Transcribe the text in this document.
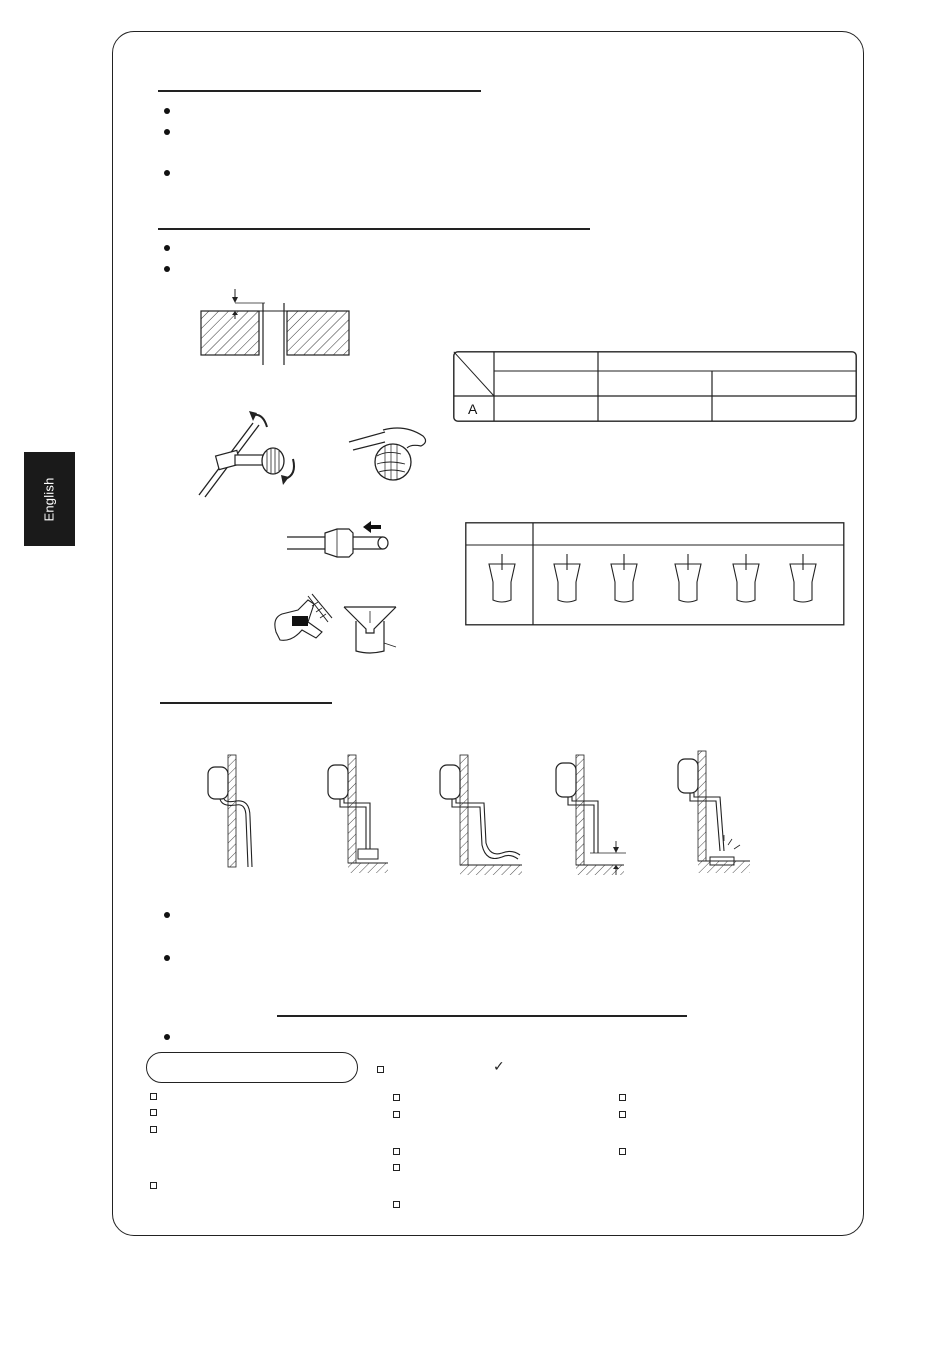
English
A
✓
